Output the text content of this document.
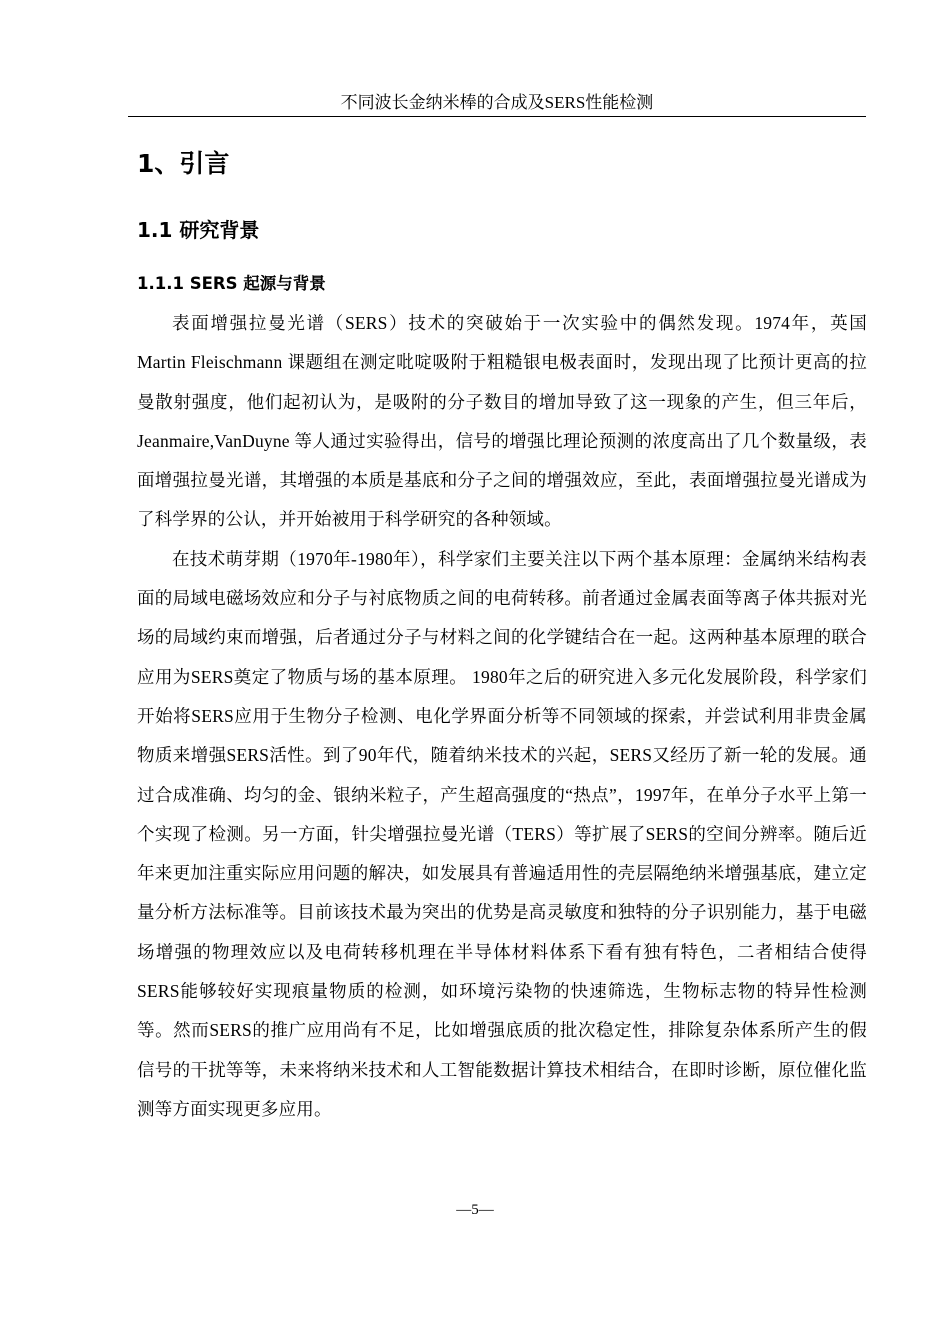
不同波长金纳米棒的合成及SERS性能检测
1、引言
1.1 研究背景
1.1.1 SERS 起源与背景

表面增强拉曼光谱（SERS）技术的突破始于一次实验中的偶然发现。1974年，英国 Martin Fleischmann 课题组在测定吡啶吸附于粗糙银电极表面时，发现出现了比预计更高的拉曼散射强度，他们起初认为，是吸附的分子数目的增加导致了这一现象的产生，但三年后，Jeanmaire,VanDuyne 等人通过实验得出，信号的增强比理论预测的浓度高出了几个数量级，表面增强拉曼光谱，其增强的本质是基底和分子之间的增强效应，至此，表面增强拉曼光谱成为了科学界的公认，并开始被用于科学研究的各种领域。

在技术萌芽期（1970年-1980年），科学家们主要关注以下两个基本原理：金属纳米结构表面的局域电磁场效应和分子与衬底物质之间的电荷转移。前者通过金属表面等离子体共振对光场的局域约束而增强，后者通过分子与材料之间的化学键结合在一起。这两种基本原理的联合应用为SERS奠定了物质与场的基本原理。 1980年之后的研究进入多元化发展阶段，科学家们开始将SERS应用于生物分子检测、电化学界面分析等不同领域的探索，并尝试利用非贵金属物质来增强SERS活性。到了90年代，随着纳米技术的兴起，SERS又经历了新一轮的发展。通过合成准确、均匀的金、银纳米粒子，产生超高强度的“热点”，1997年，在单分子水平上第一个实现了检测。另一方面，针尖增强拉曼光谱（TERS）等扩展了SERS的空间分辨率。随后近年来更加注重实际应用问题的解决，如发展具有普遍适用性的壳层隔绝纳米增强基底，建立定量分析方法标准等。目前该技术最为突出的优势是高灵敏度和独特的分子识别能力，基于电磁场增强的物理效应以及电荷转移机理在半导体材料体系下看有独有特色，二者相结合使得SERS能够较好实现痕量物质的检测，如环境污染物的快速筛选，生物标志物的特异性检测等。然而SERS的推广应用尚有不足，比如增强底质的批次稳定性，排除复杂体系所产生的假信号的干扰等等，未来将纳米技术和人工智能数据计算技术相结合，在即时诊断，原位催化监测等方面实现更多应用。

—5—
